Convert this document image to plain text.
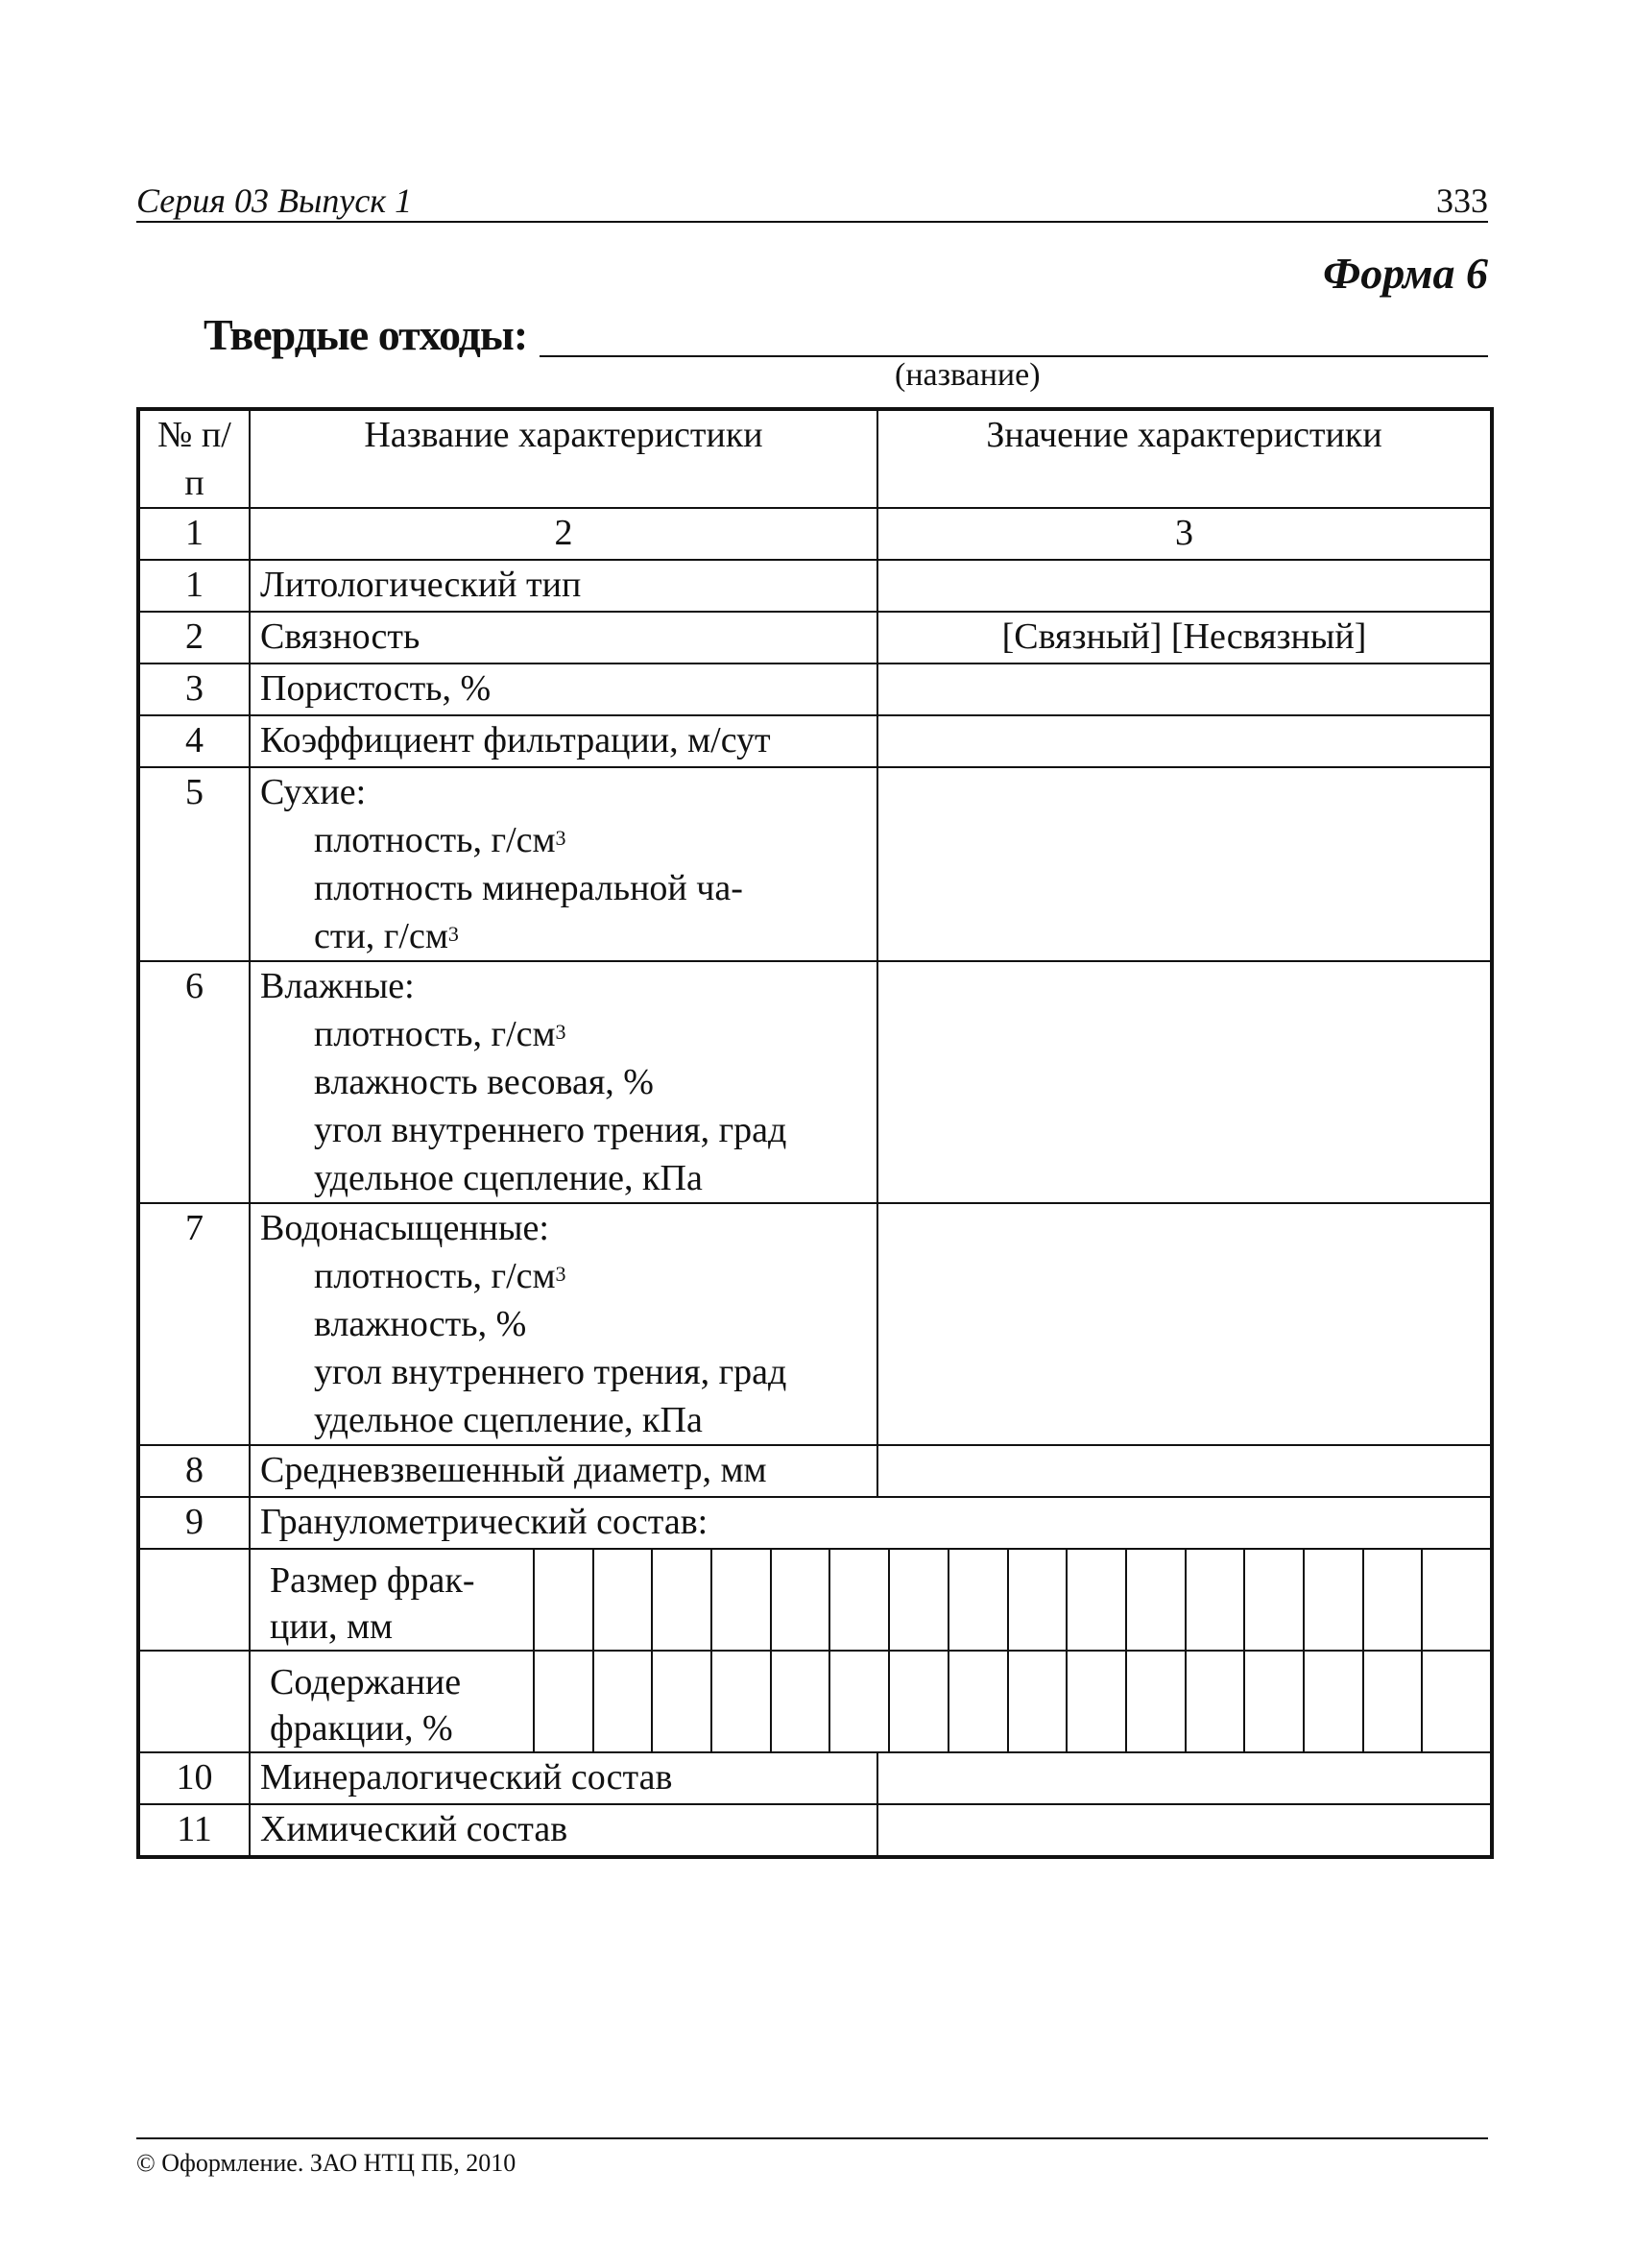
Серия 03 Выпуск 1	333
Форма 6
Твердые отходы:
(название)
№ п/п	Название характеристики	Значение характеристики
1	2	3
1	Литологический тип	
2	Связность	[Связный] [Несвязный]
3	Пористость, %	
4	Коэффициент фильтрации, м/сут	
5	Сухие:
плотность, $г/см^3$
плотность минеральной ча-
сти, $г/см^3$

6	Влажные:
плотность, $г/см^3$
влажность весовая, %
угол внутреннего трения, град
удельное сцепление, кПа	

7	Водонасыщенные:
плотность, $г/см^3$
влажность, %
угол внутреннего трения, град
удельное сцепление, кПа	

8	Средневзвешенный диаметр, мм	
9	Гранулометрический состав:	

	Размер фрак-
ции, мм	

	Содержание
фракции, %	

10	Минералогический состав	
11	Химический состав	
© Оформление. ЗАО НТЦ ПБ, 2010
